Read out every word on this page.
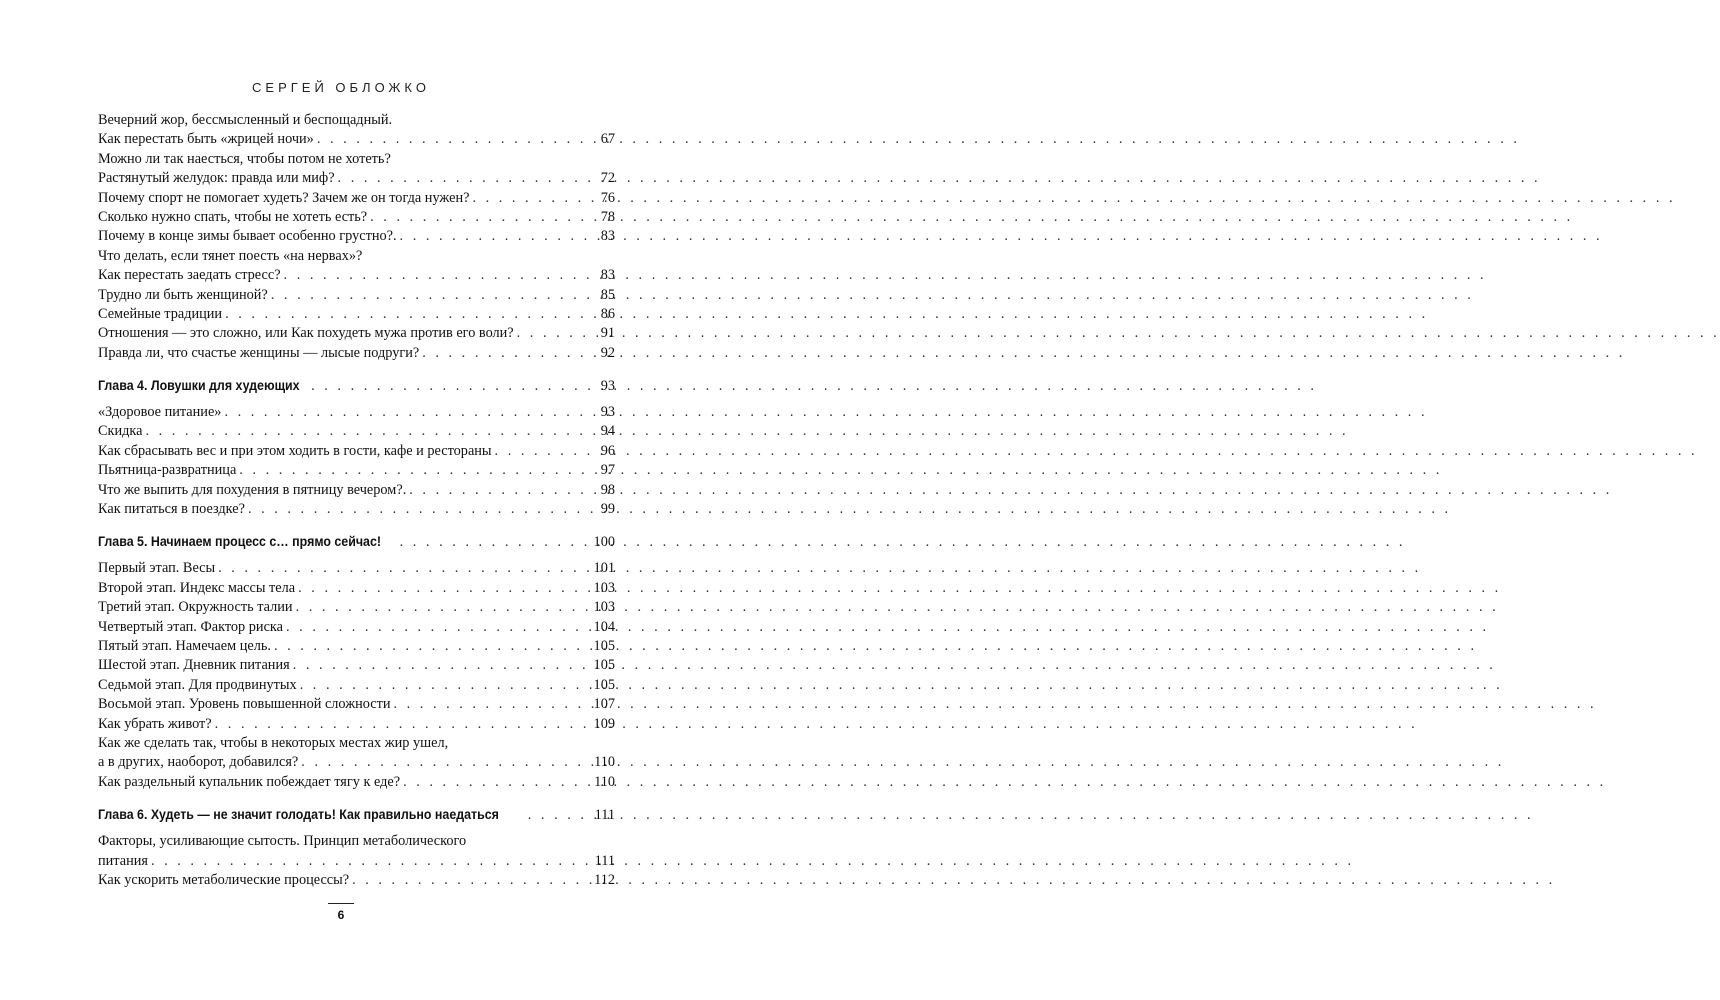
СЕРГЕЙ ОБЛОЖКО
Вечерний жор, бессмысленный и беспощадный.
Как перестать быть «жрицей ночи» . . .	67
Можно ли так наесться, чтобы потом не хотеть?
Растянутый желудок: правда или миф? . . .	72
Почему спорт не помогает худеть? Зачем же он тогда нужен? . . .	76
Сколько нужно спать, чтобы не хотеть есть? . . .	78
Почему в конце зимы бывает особенно грустно?. . . .	83
Что делать, если тянет поесть «на нервах»?
Как перестать заедать стресс? . . .	83
Трудно ли быть женщиной? . . .	85
Семейные традиции . . .	86
Отношения — это сложно, или Как похудеть мужа против его воли? . . .	91
Правда ли, что счастье женщины — лысые подруги? . . .	92
Глава 4. Ловушки для худеющих . . .	93
«Здоровое питание» . . .	93
Скидка . . .	94
Как сбрасывать вес и при этом ходить в гости, кафе и рестораны . . .	96
Пьятница-развратница . . .	97
Что же выпить для похудения в пятницу вечером?. . . .	98
Как питаться в поездке? . . .	99
Глава 5. Начинаем процесс с… прямо сейчас! . . .	100
Первый этап. Весы . . .	101
Второй этап. Индекс массы тела . . .	103
Третий этап. Окружность талии . . .	103
Четвертый этап. Фактор риска . . .	104
Пятый этап. Намечаем цель. . . .	105
Шестой этап. Дневник питания . . .	105
Седьмой этап. Для продвинутых . . .	105
Восьмой этап. Уровень повышенной сложности . . .	107
Как убрать живот? . . .	109
Как же сделать так, чтобы в некоторых местах жир ушел,
а в других, наоборот, добавился? . . .	110
Как раздельный купальник побеждает тягу к еде? . . .	110
Глава 6. Худеть — не значит голодать! Как правильно наедаться . . .	111
Факторы, усиливающие сытость. Принцип метаболического
питания . . .	111
Как ускорить метаболические процессы? . . .	112
6
